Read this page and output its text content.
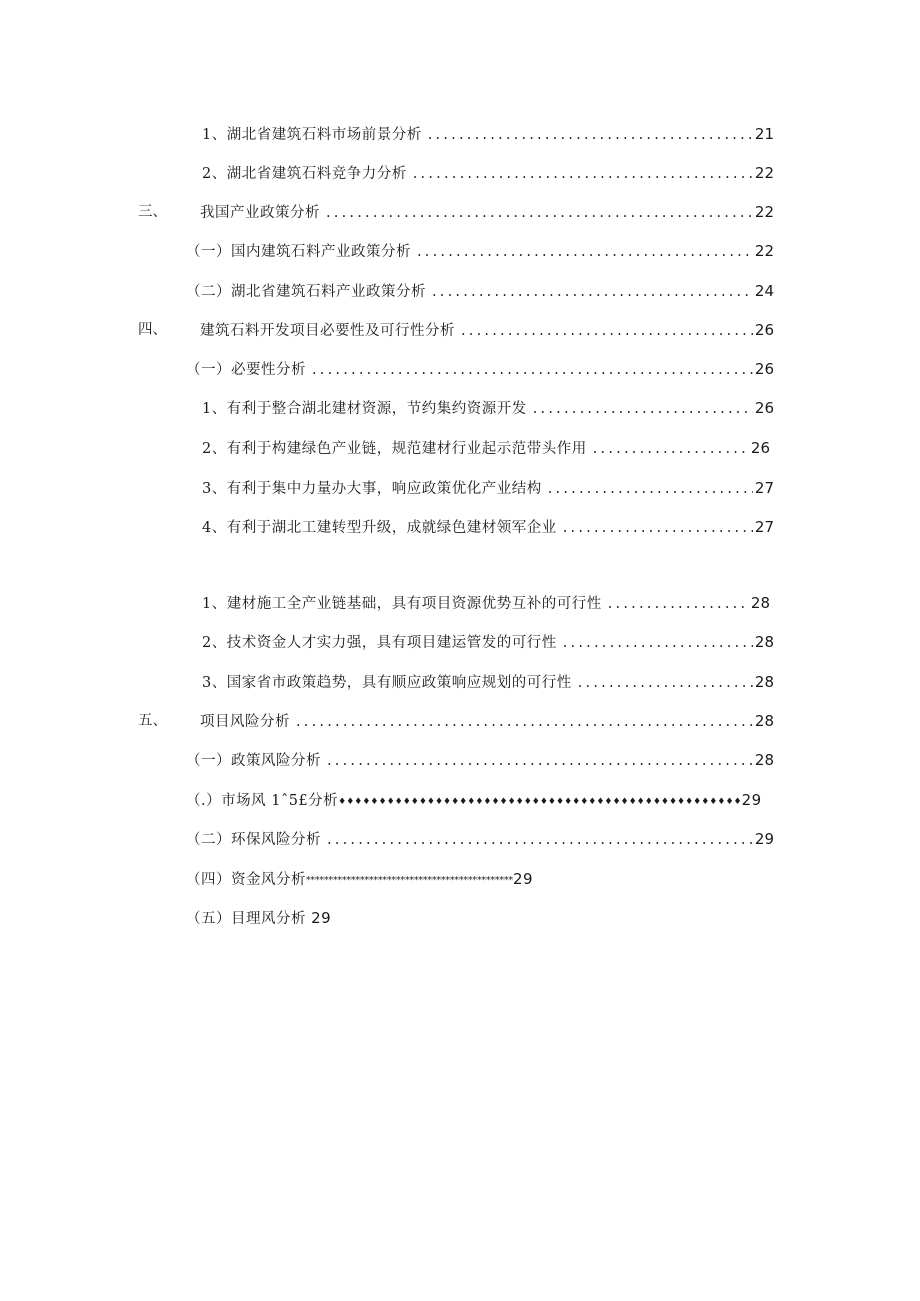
1、湖北省建筑石料市场前景分析 .....	21
2、湖北省建筑石料竞争力分析 .....	22
三、 我国产业政策分析 .....	22
（一）国内建筑石料产业政策分析 .....	22
（二）湖北省建筑石料产业政策分析 .....	24
四、 建筑石料开发项目必要性及可行性分析 .....	26
（一）必要性分析 .....	26
1、有利于整合湖北建材资源，节约集约资源开发 .....	26
2、有利于构建绿色产业链，规范建材行业起示范带头作用 .....	26
3、有利于集中力量办大事，响应政策优化产业结构 .....	27
4、有利于湖北工建转型升级，成就绿色建材领军企业 .....	27
1、建材施工全产业链基础，具有项目资源优势互补的可行性 .....	28
2、技术资金人才实力强，具有项目建运管发的可行性 .....	28
3、国家省市政策趋势，具有顺应政策响应规划的可行性 .....	28
五、 项目风险分析 .....	28
（一）政策风险分析 .....	28
（.）市场风 1ˆ5£分析♦♦♦♦♦♦♦♦♦♦♦♦♦♦♦♦♦♦♦♦♦♦♦♦♦♦♦♦♦♦♦♦♦♦♦♦♦♦♦♦♦♦♦♦♦♦♦♦♦♦29
（二）环保风险分析 .....	29
（四）资金风分析**********************************************29
（五）目理风分析 29
